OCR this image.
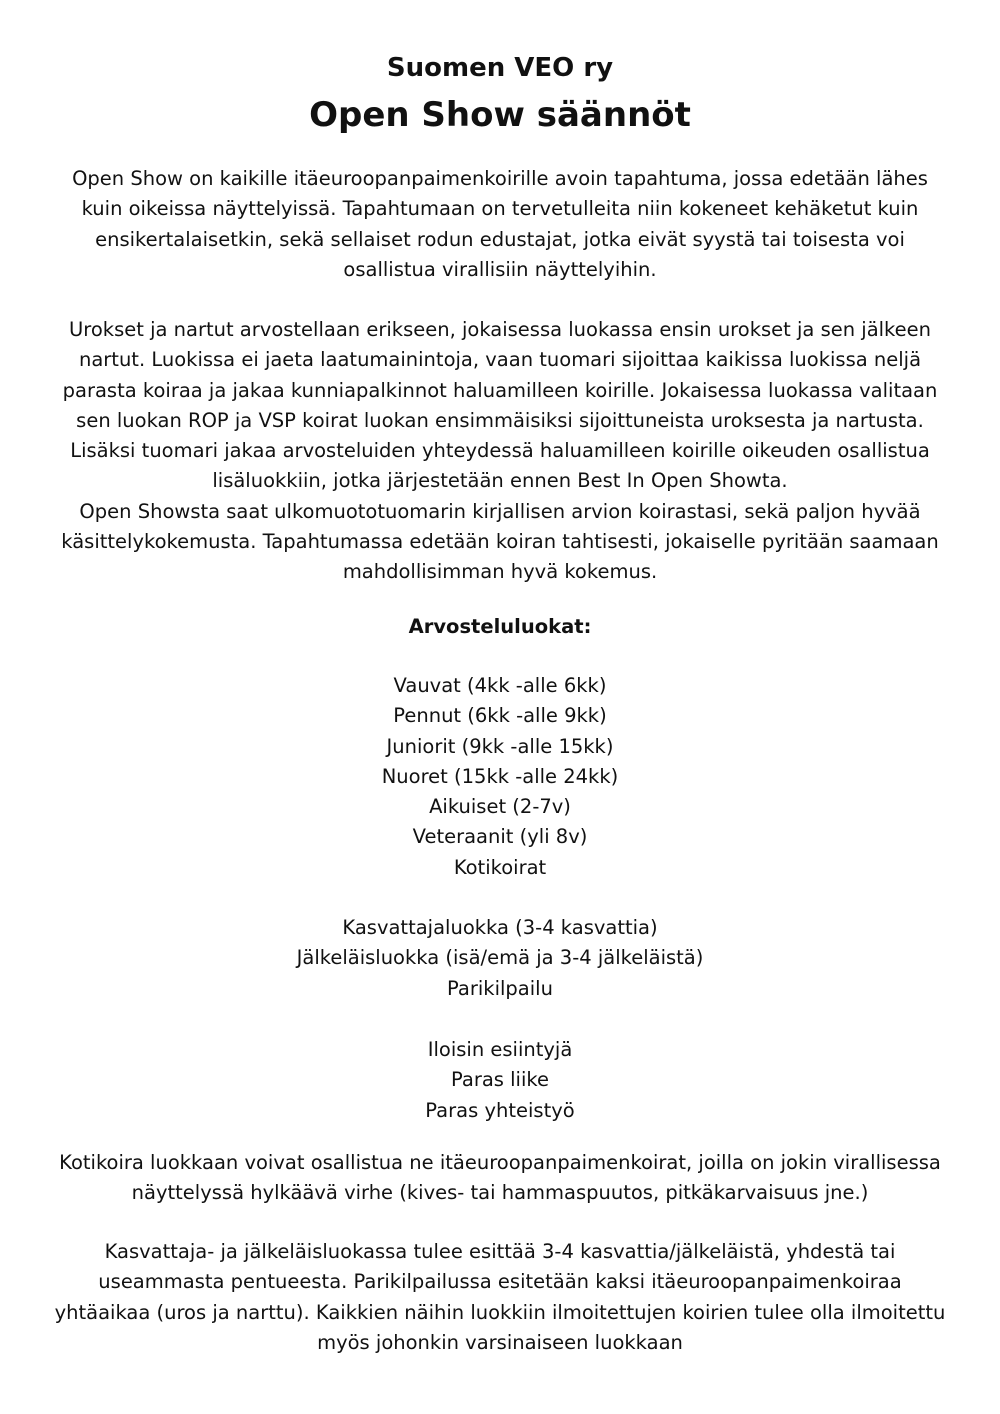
Suomen VEO ry
Open Show säännöt

Open Show on kaikille itäeuroopanpaimenkoirille avoin tapahtuma, jossa edetään lähes
kuin oikeissa näyttelyissä. Tapahtumaan on tervetulleita niin kokeneet kehäketut kuin
ensikertalaisetkin, sekä sellaiset rodun edustajat, jotka eivät syystä tai toisesta voi
osallistua virallisiin näyttelyihin.

Urokset ja nartut arvostellaan erikseen, jokaisessa luokassa ensin urokset ja sen jälkeen
nartut. Luokissa ei jaeta laatumainintoja, vaan tuomari sijoittaa kaikissa luokissa neljä
parasta koiraa ja jakaa kunniapalkinnot haluamilleen koirille. Jokaisessa luokassa valitaan
sen luokan ROP ja VSP koirat luokan ensimmäisiksi sijoittuneista uroksesta ja nartusta.
Lisäksi tuomari jakaa arvosteluiden yhteydessä haluamilleen koirille oikeuden osallistua
lisäluokkiin, jotka järjestetään ennen Best In Open Showta.
Open Showsta saat ulkomuototuomarin kirjallisen arvion koirastasi, sekä paljon hyvää
käsittelykokemusta. Tapahtumassa edetään koiran tahtisesti, jokaiselle pyritään saamaan
mahdollisimman hyvä kokemus.

Arvosteluluokat:
Vauvat (4kk -alle 6kk)
Pennut (6kk -alle 9kk)
Juniorit (9kk -alle 15kk)
Nuoret (15kk -alle 24kk)
Aikuiset (2-7v)
Veteraanit (yli 8v)
Kotikoirat
Kasvattajaluokka (3-4 kasvattia)
Jälkeläisluokka (isä/emä ja 3-4 jälkeläistä)
Parikilpailu
Iloisin esiintyjä
Paras liike
Paras yhteistyö

Kotikoira luokkaan voivat osallistua ne itäeuroopanpaimenkoirat, joilla on jokin virallisessa
näyttelyssä hylkäävä virhe (kives- tai hammaspuutos, pitkäkarvaisuus jne.)

Kasvattaja- ja jälkeläisluokassa tulee esittää 3-4 kasvattia/jälkeläistä, yhdestä tai
useammasta pentueesta. Parikilpailussa esitetään kaksi itäeuroopanpaimenkoiraa
yhtäaikaa (uros ja narttu). Kaikkien näihin luokkiin ilmoitettujen koirien tulee olla ilmoitettu
myös johonkin varsinaiseen luokkaan
